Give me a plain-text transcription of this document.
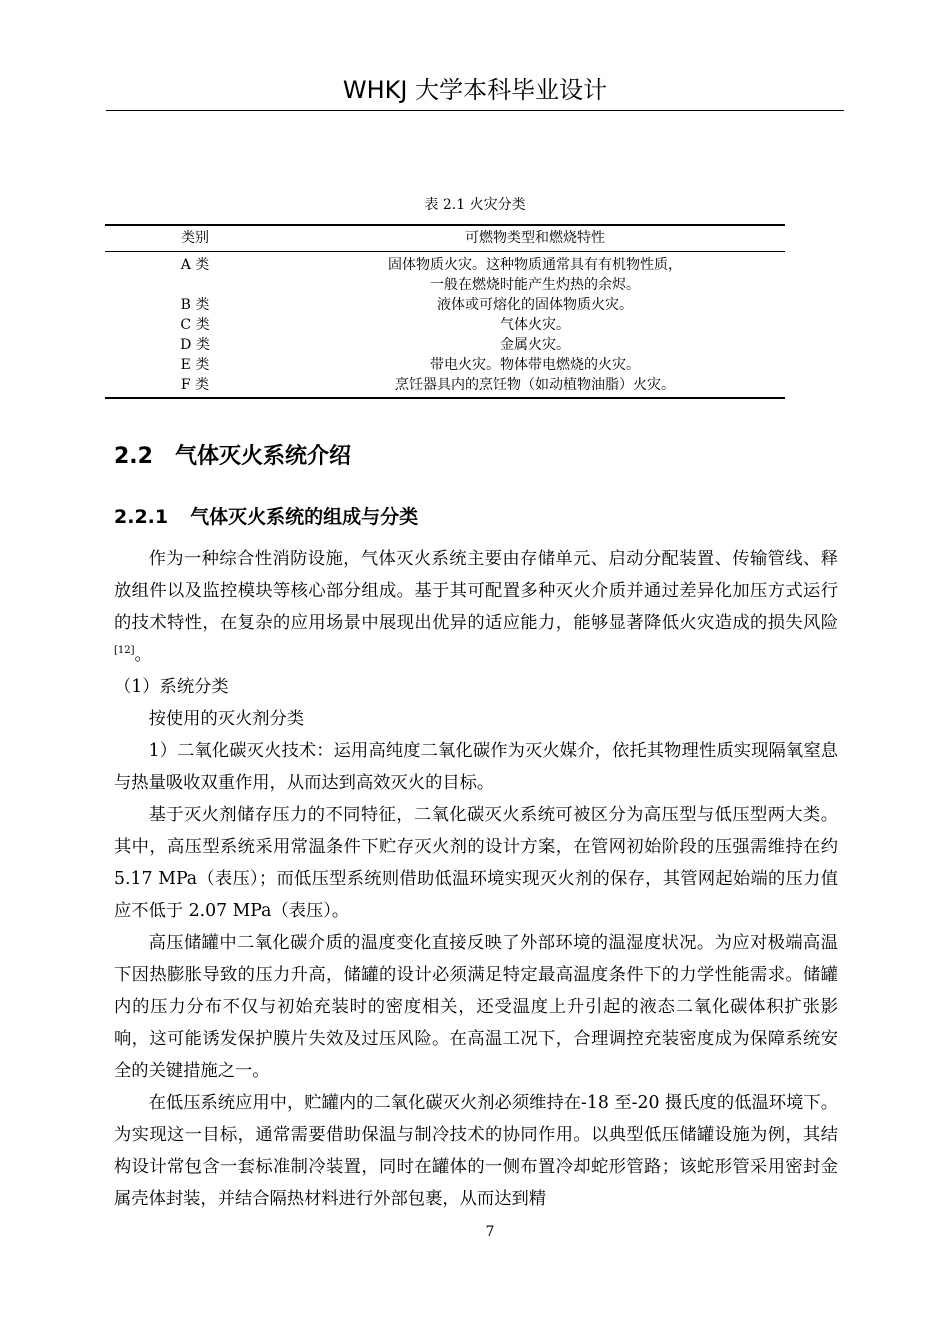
WHKJ 大学本科毕业设计
表 2.1 火灾分类
类别	可燃物类型和燃烧特性
A 类	固体物质火灾。这种物质通常具有有机物性质，
一般在燃烧时能产生灼热的余烬。

B 类	液体或可熔化的固体物质火灾。
C 类	气体火灾。
D 类	金属火灾。
E 类	带电火灾。物体带电燃烧的火灾。
F 类	烹饪器具内的烹饪物（如动植物油脂）火灾。
2.2 气体灭火系统介绍
2.2.1 气体灭火系统的组成与分类

作为一种综合性消防设施，气体灭火系统主要由存储单元、启动分配装置、传输管线、释放组件以及监控模块等核心部分组成。基于其可配置多种灭火介质并通过差异化加压方式运行的技术特性，在复杂的应用场景中展现出优异的适应能力，能够显著降低火灾造成的损失风险[12]。

（1）系统分类

按使用的灭火剂分类

1）二氧化碳灭火技术：运用高纯度二氧化碳作为灭火媒介，依托其物理性质实现隔氧窒息与热量吸收双重作用，从而达到高效灭火的目标。

基于灭火剂储存压力的不同特征，二氧化碳灭火系统可被区分为高压型与低压型两大类。其中，高压型系统采用常温条件下贮存灭火剂的设计方案，在管网初始阶段的压强需维持在约 5.17 MPa（表压）；而低压型系统则借助低温环境实现灭火剂的保存，其管网起始端的压力值应不低于 2.07 MPa（表压）。

高压储罐中二氧化碳介质的温度变化直接反映了外部环境的温湿度状况。为应对极端高温下因热膨胀导致的压力升高，储罐的设计必须满足特定最高温度条件下的力学性能需求。储罐内的压力分布不仅与初始充装时的密度相关，还受温度上升引起的液态二氧化碳体积扩张影响，这可能诱发保护膜片失效及过压风险。在高温工况下，合理调控充装密度成为保障系统安全的关键措施之一。

在低压系统应用中，贮罐内的二氧化碳灭火剂必须维持在-18 至-20 摄氏度的低温环境下。为实现这一目标，通常需要借助保温与制冷技术的协同作用。以典型低压储罐设施为例，其结构设计常包含一套标准制冷装置，同时在罐体的一侧布置冷却蛇形管路；该蛇形管采用密封金属壳体封装，并结合隔热材料进行外部包裹，从而达到精

7
